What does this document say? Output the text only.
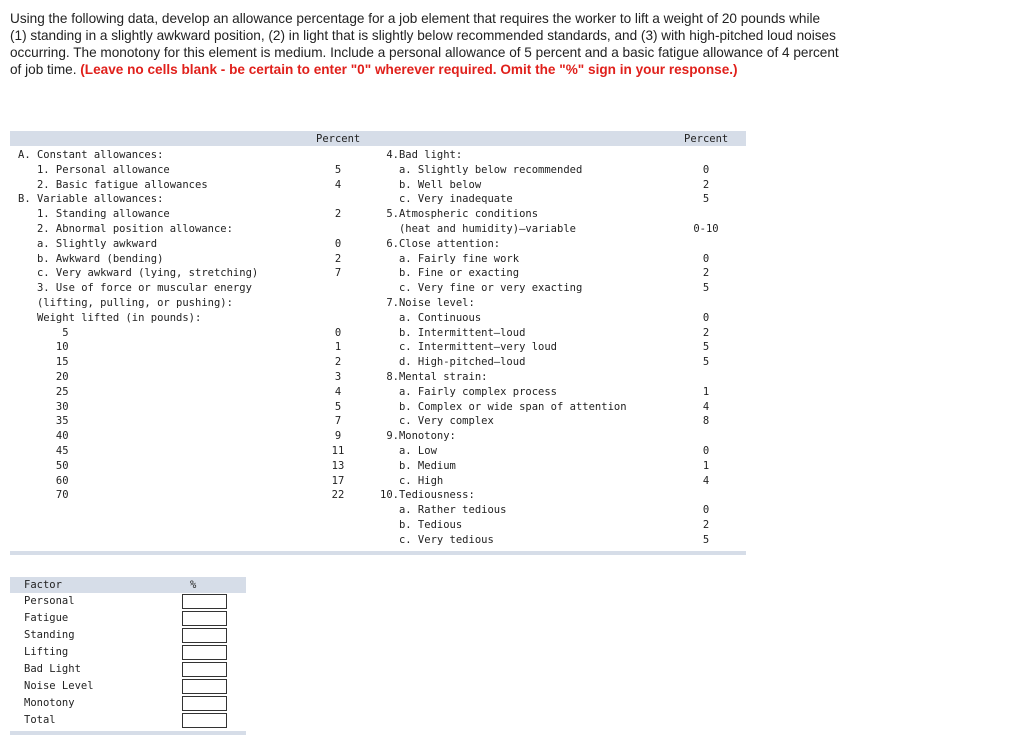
Using the following data, develop an allowance percentage for a job element that requires the worker to lift a weight of 20 pounds while (1) standing in a slightly awkward position, (2) in light that is slightly below recommended standards, and (3) with high-pitched loud noises occurring. The monotony for this element is medium. Include a personal allowance of 5 percent and a basic fatigue allowance of 4 percent of job time. (Leave no cells blank - be certain to enter "0" wherever required. Omit the "%" sign in your response.)
Percent	Percent
A. Constant allowances:
1. Personal allowance	5
2. Basic fatigue allowances	4
B. Variable allowances:
1. Standing allowance	2
2. Abnormal position allowance:
a. Slightly awkward	0
b. Awkward (bending)	2
c. Very awkward (lying, stretching)	7
3. Use of force or muscular energy
(lifting, pulling, or pushing):
Weight lifted (in pounds):
5	0
10	1
15	2
20	3
25	4
30	5
35	7
40	9
45	11
50	13
60	17
70	22
4.Bad light:
a. Slightly below recommended	0
b. Well below	2
c. Very inadequate	5
5.Atmospheric conditions
(heat and humidity)—variable	0-10
6.Close attention:
a. Fairly fine work	0
b. Fine or exacting	2
c. Very fine or very exacting	5
7.Noise level:
a. Continuous	0
b. Intermittent—loud	2
c. Intermittent—very loud	5
d. High-pitched—loud	5
8.Mental strain:
a. Fairly complex process	1
b. Complex or wide span of attention	4
c. Very complex	8
9.Monotony:
a. Low	0
b. Medium	1
c. High	4
10.Tediousness:
a. Rather tedious	0
b. Tedious	2
c. Very tedious	5
Factor	%
Personal
Fatigue
Standing
Lifting
Bad Light
Noise Level
Monotony
Total
